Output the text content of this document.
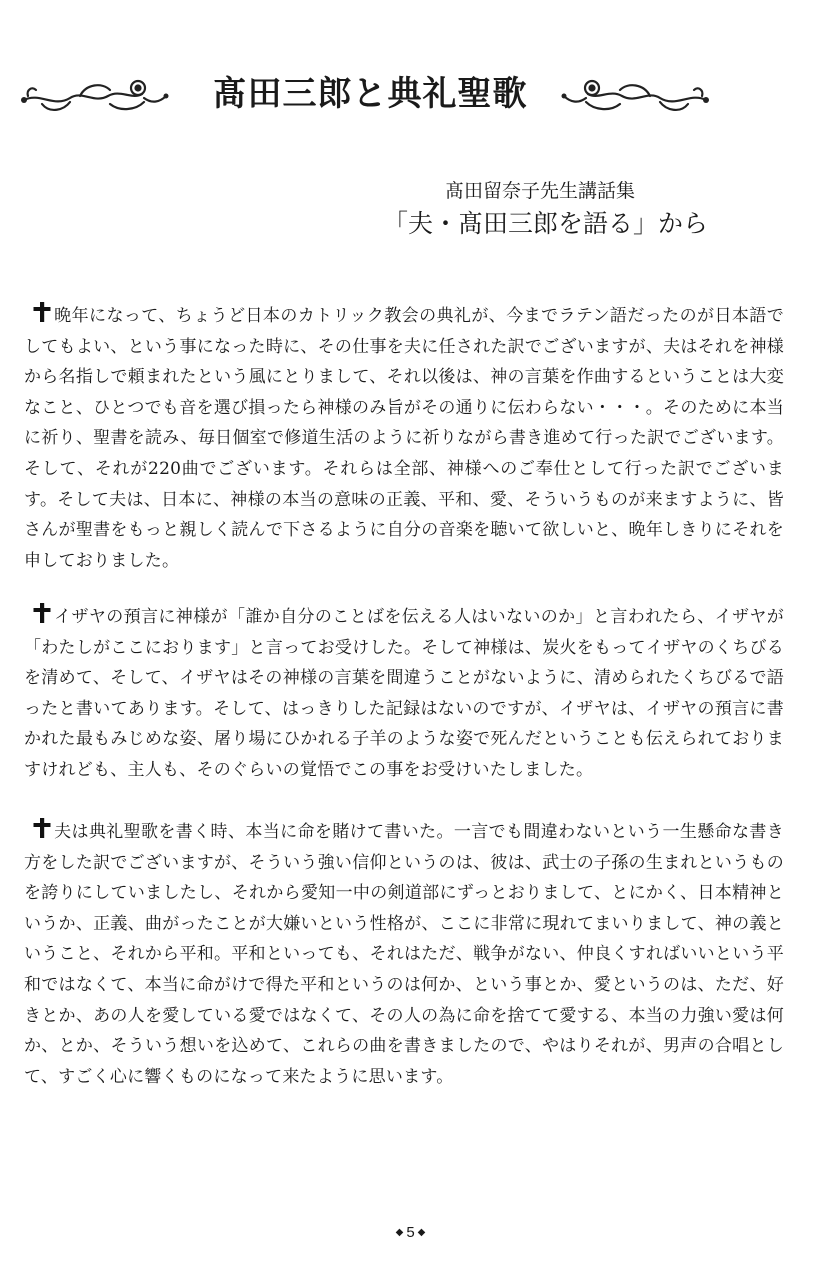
髙田三郎と典礼聖歌
髙田留奈子先生講話集
「夫・髙田三郎を語る」から
晩年になって、ちょうど日本のカトリック教会の典礼が、今までラテン語だったのが日本語でしてもよい、という事になった時に、その仕事を夫に任された訳でございますが、夫はそれを神様から名指しで頼まれたという風にとりまして、それ以後は、神の言葉を作曲するということは大変なこと、ひとつでも音を選び損ったら神様のみ旨がその通りに伝わらない・・・。そのために本当に祈り、聖書を読み、毎日個室で修道生活のように祈りながら書き進めて行った訳でございます。そして、それが220曲でございます。それらは全部、神様へのご奉仕として行った訳でございます。そして夫は、日本に、神様の本当の意味の正義、平和、愛、そういうものが来ますように、皆さんが聖書をもっと親しく読んで下さるように自分の音楽を聴いて欲しいと、晩年しきりにそれを申しておりました。
イザヤの預言に神様が「誰か自分のことばを伝える人はいないのか」と言われたら、イザヤが「わたしがここにおります」と言ってお受けした。そして神様は、炭火をもってイザヤのくちびるを清めて、そして、イザヤはその神様の言葉を間違うことがないように、清められたくちびるで語ったと書いてあります。そして、はっきりした記録はないのですが、イザヤは、イザヤの預言に書かれた最もみじめな姿、屠り場にひかれる子羊のような姿で死んだということも伝えられておりますけれども、主人も、そのぐらいの覚悟でこの事をお受けいたしました。
夫は典礼聖歌を書く時、本当に命を賭けて書いた。一言でも間違わないという一生懸命な書き方をした訳でございますが、そういう強い信仰というのは、彼は、武士の子孫の生まれというものを誇りにしていましたし、それから愛知一中の剣道部にずっとおりまして、とにかく、日本精神というか、正義、曲がったことが大嫌いという性格が、ここに非常に現れてまいりまして、神の義ということ、それから平和。平和といっても、それはただ、戦争がない、仲良くすればいいという平和ではなくて、本当に命がけで得た平和というのは何か、という事とか、愛というのは、ただ、好きとか、あの人を愛している愛ではなくて、その人の為に命を捨てて愛する、本当の力強い愛は何か、とか、そういう想いを込めて、これらの曲を書きましたので、やはりそれが、男声の合唱として、すごく心に響くものになって来たように思います。
◆ 5 ◆
